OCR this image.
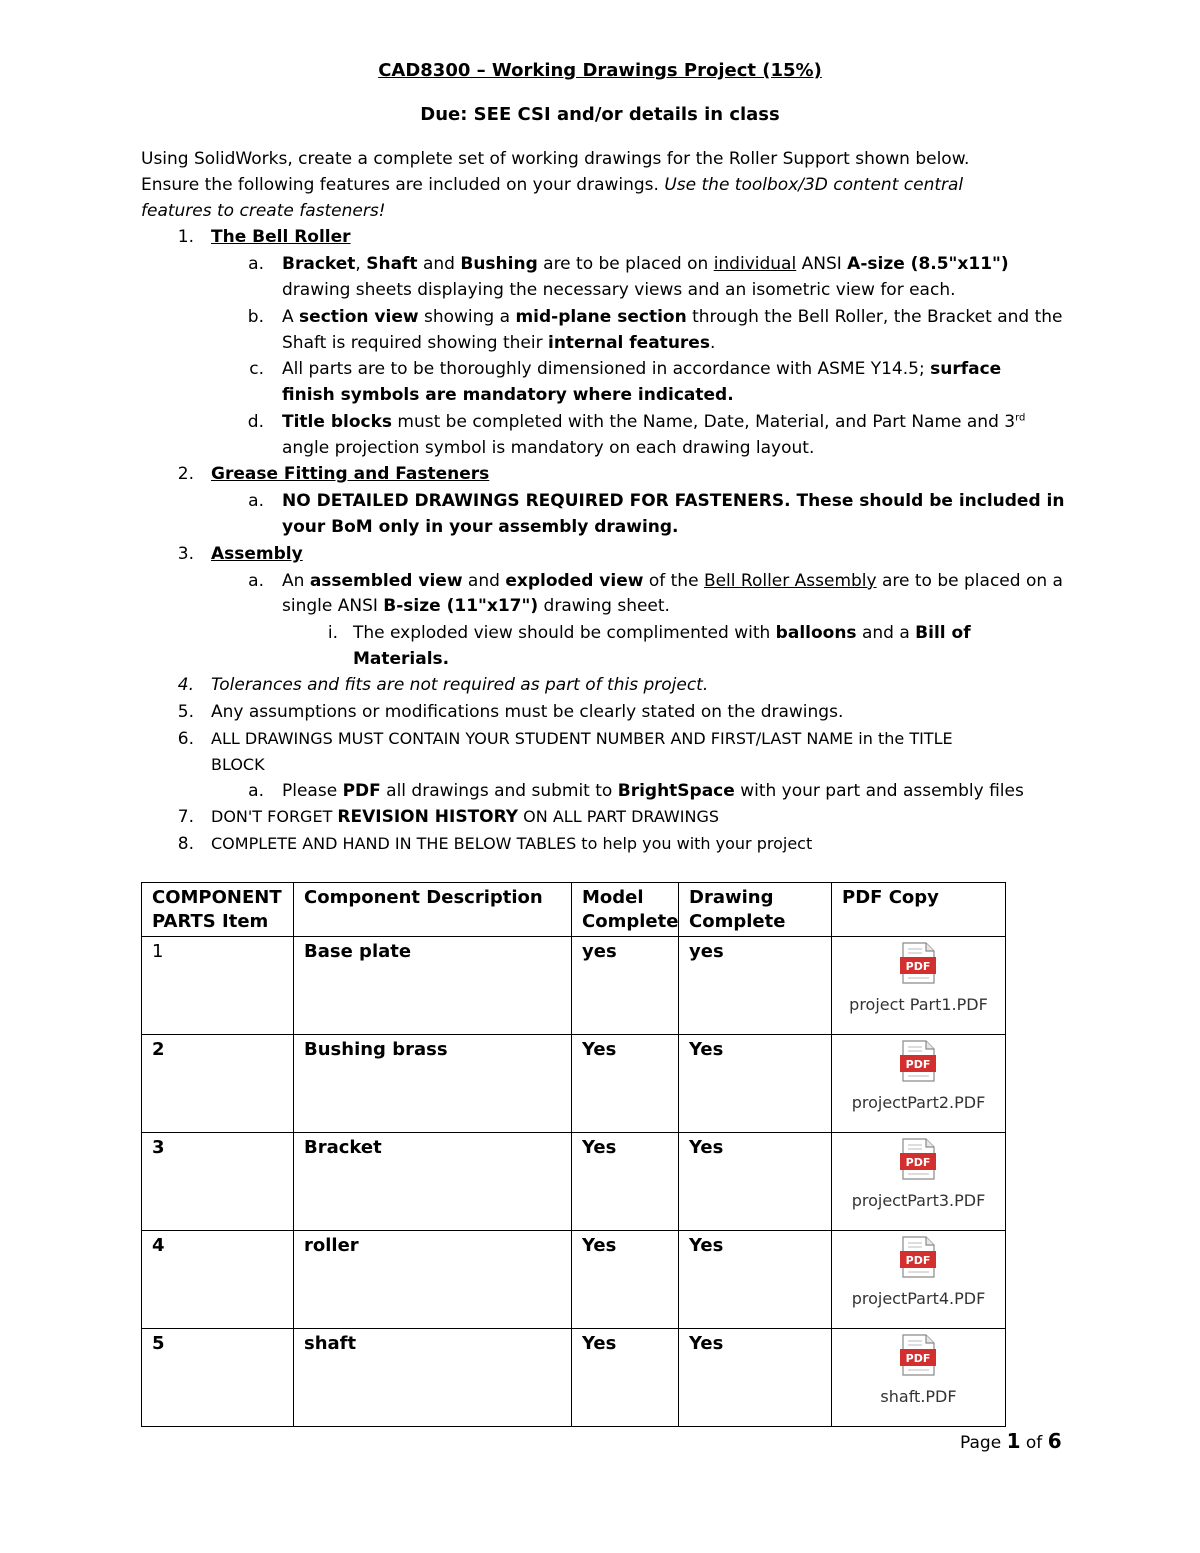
CAD8300 – Working Drawings Project (15%)
Due: SEE CSI and/or details in class
Using SolidWorks, create a complete set of working drawings for the Roller Support shown below.
Ensure the following features are included on your drawings. Use the toolbox/3D content central
features to create fasteners!
1. The Bell Roller
a. Bracket, Shaft and Bushing are to be placed on individual ANSI A-size (8.5"x11")
drawing sheets displaying the necessary views and an isometric view for each.
b. A section view showing a mid-plane section through the Bell Roller, the Bracket and the
Shaft is required showing their internal features.
c. All parts are to be thoroughly dimensioned in accordance with ASME Y14.5; surface
finish symbols are mandatory where indicated.
d. Title blocks must be completed with the Name, Date, Material, and Part Name and 3rd
angle projection symbol is mandatory on each drawing layout.
2. Grease Fitting and Fasteners
a. NO DETAILED DRAWINGS REQUIRED FOR FASTENERS. These should be included in
your BoM only in your assembly drawing.
3. Assembly
a. An assembled view and exploded view of the Bell Roller Assembly are to be placed on a
single ANSI B-size (11"x17") drawing sheet.
i. The exploded view should be complimented with balloons and a Bill of
Materials.
4. Tolerances and fits are not required as part of this project.
5. Any assumptions or modifications must be clearly stated on the drawings.
6. ALL DRAWINGS MUST CONTAIN YOUR STUDENT NUMBER AND FIRST/LAST NAME in the TITLE
BLOCK
a. Please PDF all drawings and submit to BrightSpace with your part and assembly files
7. DON'T FORGET REVISION HISTORY ON ALL PART DRAWINGS
8. COMPLETE AND HAND IN THE BELOW TABLES to help you with your project
COMPONENT PARTS Item	Component Description	Model Complete	Drawing Complete	PDF Copy
1	Base plate	yes	yes	PDF
project Part1.PDF

2	Bushing brass	Yes	Yes	PDF
projectPart2.PDF

3	Bracket	Yes	Yes	PDF
projectPart3.PDF

4	roller	Yes	Yes	PDF
projectPart4.PDF

5	shaft	Yes	Yes	PDF
shaft.PDF
Page 1 of 6
